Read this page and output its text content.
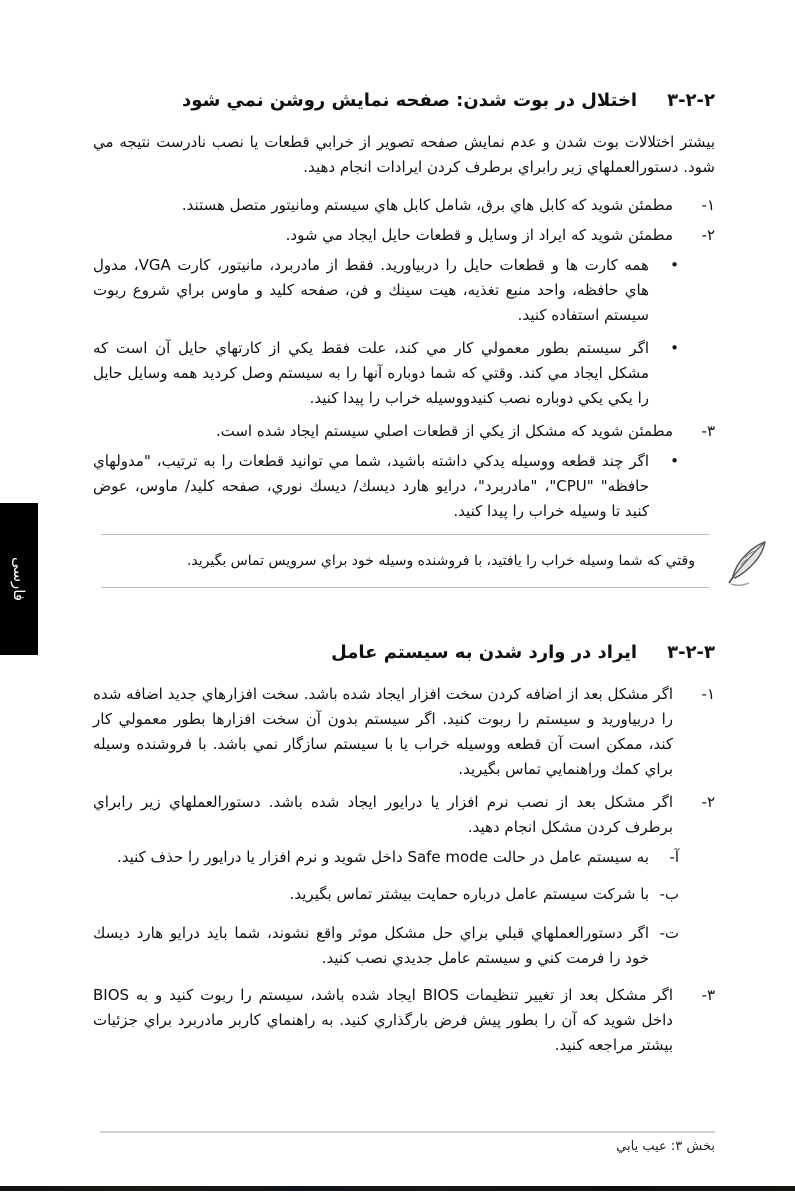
فارسی
۳-۲-۲
اختلال در بوت شدن: صفحه نمايش روشن نمي شود

بيشتر اختلالات بوت شدن و عدم نمايش صفحه تصوير از خرابي قطعات يا نصب نادرست نتيجه مي شود. دستورالعملهاي زير رابراي برطرف كردن ايرادات انجام دهيد.

۱-
مطمئن شويد كه كابل هاي برق، شامل كابل هاي سيستم ومانيتور متصل هستند.
۲-
مطمئن شويد كه ايراد از وسايل و قطعات حايل ايجاد مي شود.
•
همه كارت ها و قطعات حايل را دربياوريد. فقط از مادربرد، مانيتور، كارت VGA، مدول هاي حافظه، واحد منبع تغذيه، هيت سينك و فن، صفحه كليد و ماوس براي شروع ربوت سيستم استفاده كنيد.
•
اگر سيستم بطور معمولي كار مي كند، علت فقط يكي از كارتهاي حايل آن است كه مشكل ايجاد مي كند. وقتي كه شما دوباره آنها را به سيستم وصل كرديد همه وسايل حايل را يكي يكي دوباره نصب كنيدووسيله خراب را پيدا كنيد.
۳-
مطمئن شويد كه مشكل از يكي از قطعات اصلي سيستم ايجاد شده است.
•
اگر چند قطعه ووسيله يدكي داشته باشيد، شما مي توانيد قطعات را به ترتيب، "مدولهاي حافظه" "CPU"، "مادربرد"، درايو هارد ديسك/ ديسك نوري، صفحه كليد/ ماوس، عوض كنيد تا وسيله خراب را پيدا كنيد.

وقتي كه شما وسيله خراب را يافتيد، با فروشنده وسيله خود براي سرويس تماس بگيريد.

۳-۲-۳
ايراد در وارد شدن به سيستم عامل
۱-
اگر مشكل بعد از اضافه كردن سخت افزار ايجاد شده باشد. سخت افزارهاي جديد اضافه شده را دربياوريد و سيستم را ربوت كنيد. اگر سيستم بدون آن سخت افزارها بطور معمولي كار كند، ممكن است آن قطعه ووسيله خراب يا با سيستم سازگار نمي باشد. با فروشنده وسيله براي كمك وراهنمايي تماس بگيريد.
۲-
اگر مشكل بعد از نصب نرم افزار يا درايور ايجاد شده باشد. دستورالعملهاي زير رابراي برطرف كردن مشكل انجام دهيد.
آ-
به سيستم عامل در حالت Safe mode داخل شويد و نرم افزار يا درايور را حذف كنيد.
ب-
با شركت سيستم عامل درباره حمايت بيشتر تماس بگيريد.
ت-
اگر دستورالعملهاي قبلي براي حل مشكل موثر واقع نشوند، شما بايد درايو هارد ديسك خود را فرمت كني و سيستم عامل جديدي نصب كنيد.
۳-
اگر مشكل بعد از تغيير تنظيمات BIOS ايجاد شده باشد، سيستم را ربوت كنيد و به BIOS داخل شويد كه آن را بطور پيش فرض بارگذاري كنيد. به راهنماي كاربر مادربرد براي جزئيات بيشتر مراجعه كنيد.
بخش ۳: عيب يابي
